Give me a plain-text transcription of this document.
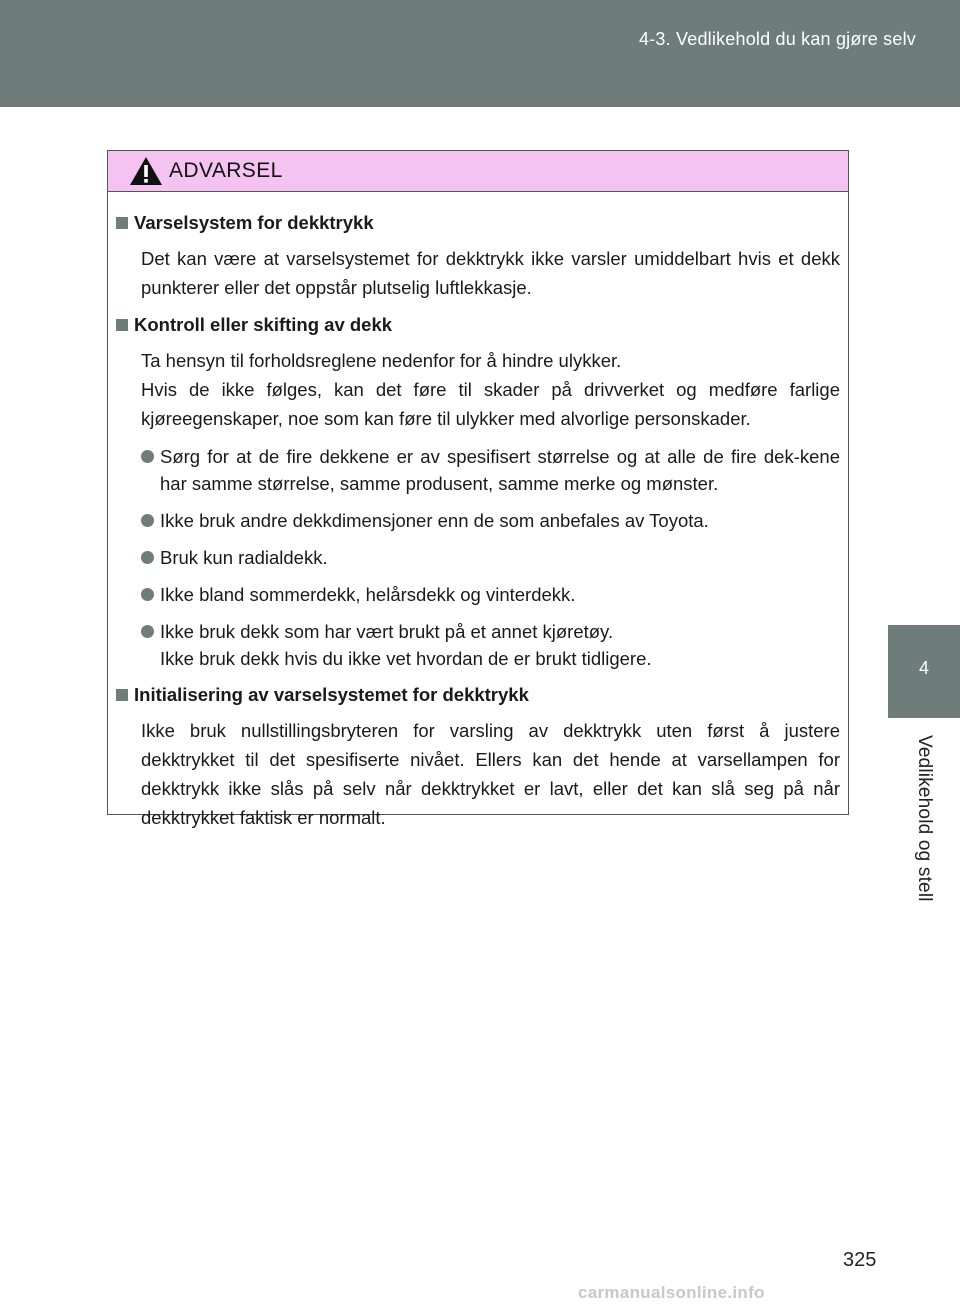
4-3. Vedlikehold du kan gjøre selv
4
Vedlikehold og stell
ADVARSEL
Varselsystem for dekktrykk

Det kan være at varselsystemet for dekktrykk ikke varsler umiddelbart hvis et dekk punkterer eller det oppstår plutselig luftlekkasje.

Kontroll eller skifting av dekk

Ta hensyn til forholdsreglene nedenfor for å hindre ulykker.

Hvis de ikke følges, kan det føre til skader på drivverket og medføre farlige kjøreegenskaper, noe som kan føre til ulykker med alvorlige personskader.

Sørg for at de fire dekkene er av spesifisert størrelse og at alle de fire dek-kene har samme størrelse, samme produsent, samme merke og mønster.

Ikke bruk andre dekkdimensjoner enn de som anbefales av Toyota.

Bruk kun radialdekk.

Ikke bland sommerdekk, helårsdekk og vinterdekk.

Ikke bruk dekk som har vært brukt på et annet kjøretøy.

Ikke bruk dekk hvis du ikke vet hvordan de er brukt tidligere.

Initialisering av varselsystemet for dekktrykk

Ikke bruk nullstillingsbryteren for varsling av dekktrykk uten først å justere dekktrykket til det spesifiserte nivået. Ellers kan det hende at varsellampen for dekktrykk ikke slås på selv når dekktrykket er lavt, eller det kan slå seg på når dekktrykket faktisk er normalt.

325
carmanualsonline.info
